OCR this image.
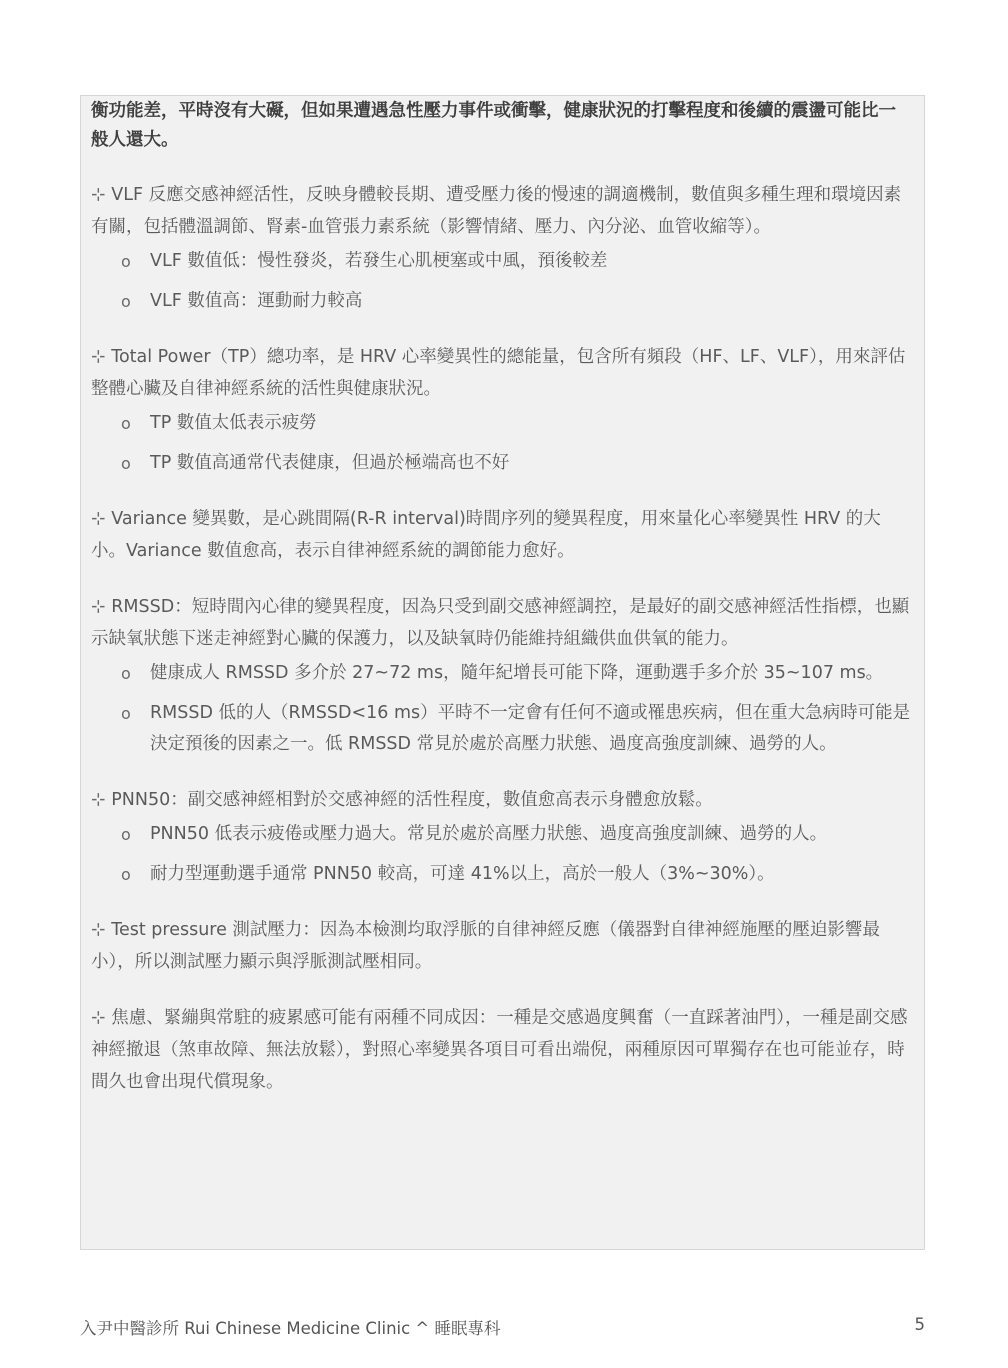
衡功能差，平時沒有大礙，但如果遭遇急性壓力事件或衝擊，健康狀況的打擊程度和後續的震盪可能比一般人還大。

⊹ VLF 反應交感神經活性，反映身體較長期、遭受壓力後的慢速的調適機制，數值與多種生理和環境因素有關，包括體溫調節、腎素-血管張力素系統（影響情緒、壓力、內分泌、血管收縮等）。

o VLF 數值低：慢性發炎，若發生心肌梗塞或中風，預後較差
o VLF 數值高：運動耐力較高

⊹ Total Power（TP）總功率，是 HRV 心率變異性的總能量，包含所有頻段（HF、LF、VLF），用來評估整體心臟及自律神經系統的活性與健康狀況。

o TP 數值太低表示疲勞
o TP 數值高通常代表健康，但過於極端高也不好

⊹ Variance 變異數，是心跳間隔(R-R interval)時間序列的變異程度，用來量化心率變異性 HRV 的大小。Variance 數值愈高，表示自律神經系統的調節能力愈好。

⊹ RMSSD：短時間內心律的變異程度，因為只受到副交感神經調控，是最好的副交感神經活性指標，也顯示缺氧狀態下迷走神經對心臟的保護力，以及缺氧時仍能維持組織供血供氧的能力。

o 健康成人 RMSSD 多介於 27~72 ms，隨年紀增長可能下降，運動選手多介於 35~107 ms。
o RMSSD 低的人（RMSSD<16 ms）平時不一定會有任何不適或罹患疾病，但在重大急病時可能是決定預後的因素之一。低 RMSSD 常見於處於高壓力狀態、過度高強度訓練、過勞的人。

⊹ PNN50：副交感神經相對於交感神經的活性程度，數值愈高表示身體愈放鬆。

o PNN50 低表示疲倦或壓力過大。常見於處於高壓力狀態、過度高強度訓練、過勞的人。
o 耐力型運動選手通常 PNN50 較高，可達 41%以上，高於一般人（3%~30%）。

⊹ Test pressure 測試壓力：因為本檢測均取浮脈的自律神經反應（儀器對自律神經施壓的壓迫影響最小），所以測試壓力顯示與浮脈測試壓相同。

⊹ 焦慮、緊繃與常駐的疲累感可能有兩種不同成因：一種是交感過度興奮（一直踩著油門），一種是副交感神經撤退（煞車故障、無法放鬆），對照心率變異各項目可看出端倪，兩種原因可單獨存在也可能並存，時間久也會出現代償現象。

入尹中醫診所 Rui Chinese Medicine Clinic ^ 睡眠專科	5
